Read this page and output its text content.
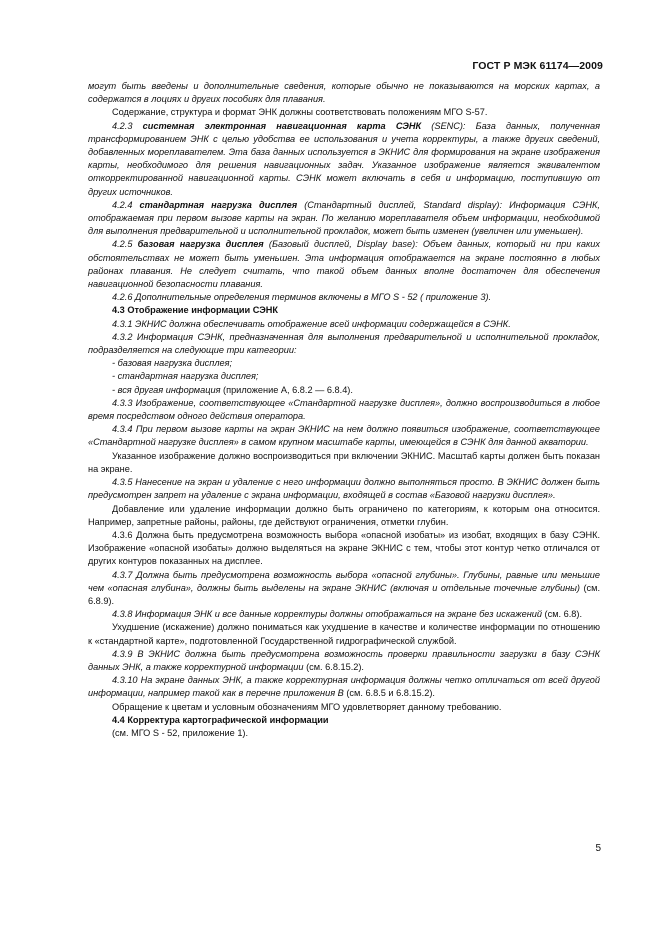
ГОСТ Р МЭК 61174—2009

могут быть введены и дополнительные сведения, которые обычно не показываются на морских картах, а содержатся в лоциях и других пособиях для плавания.

Содержание, структура и формат ЭНК должны соответствовать положениям МГО S-57.

4.2.3 системная электронная навигационная карта СЭНК (SENC): База данных, полученная трансформированием ЭНК с целью удобства ее использования и учета корректуры, а также других сведений, добавленных мореплавателем. Эта база данных используется в ЭКНИС для формирования на экране изображения карты, необходимого для решения навигационных задач. Указанное изображение является эквивалентом откорректированной навигационной карты. СЭНК может включать в себя и информацию, поступившую от других источников.

4.2.4 стандартная нагрузка дисплея (Стандартный дисплей, Standard display): Информация СЭНК, отображаемая при первом вызове карты на экран. По желанию мореплавателя объем информации, необходимой для выполнения предварительной и исполнительной прокладок, может быть изменен (увеличен или уменьшен).

4.2.5 базовая нагрузка дисплея (Базовый дисплей, Display base): Объем данных, который ни при каких обстоятельствах не может быть уменьшен. Эта информация отображается на экране постоянно в любых районах плавания. Не следует считать, что такой объем данных вполне достаточен для обеспечения навигационной безопасности плавания.

4.2.6 Дополнительные определения терминов включены в МГО S - 52 ( приложение 3).

4.3 Отображение информации СЭНК

4.3.1 ЭКНИС должна обеспечивать отображение всей информации содержащейся в СЭНК.

4.3.2 Информация СЭНК, предназначенная для выполнения предварительной и исполнительной прокладок, подразделяется на следующие три категории:

- базовая нагрузка дисплея;

- стандартная нагрузка дисплея;

- вся другая информация (приложение А, 6.8.2 — 6.8.4).

4.3.3 Изображение, соответствующее «Стандартной нагрузке дисплея», должно воспроизводиться в любое время посредством одного действия оператора.

4.3.4 При первом вызове карты на экран ЭКНИС на нем должно появиться изображение, соответствующее «Стандартной нагрузке дисплея» в самом крупном масштабе карты, имеющейся в СЭНК для данной акватории.

Указанное изображение должно воспроизводиться при включении ЭКНИС. Масштаб карты должен быть показан на экране.

4.3.5 Нанесение на экран и удаление с него информации должно выполняться просто. В ЭКНИС должен быть предусмотрен запрет на удаление с экрана информации, входящей в состав «Базовой нагрузки дисплея».

Добавление или удаление информации должно быть ограничено по категориям, к которым она относится. Например, запретные районы, районы, где действуют ограничения, отметки глубин.

4.3.6 Должна быть предусмотрена возможность выбора «опасной изобаты» из изобат, входящих в базу СЭНК. Изображение «опасной изобаты» должно выделяться на экране ЭКНИС с тем, чтобы этот контур четко отличался от других контуров показанных на дисплее.

4.3.7 Должна быть предусмотрена возможность выбора «опасной глубины». Глубины, равные или меньшие чем «опасная глубина», должны быть выделены на экране ЭКНИС (включая и отдельные точечные глубины) (см. 6.8.9).

4.3.8 Информация ЭНК и все данные корректуры должны отображаться на экране без искажений (см. 6.8).

Ухудшение (искажение) должно пониматься как ухудшение в качестве и количестве информации по отношению к «стандартной карте», подготовленной Государственной гидрографической службой.

4.3.9 В ЭКНИС должна быть предусмотрена возможность проверки правильности загрузки в базу СЭНК данных ЭНК, а также корректурной информации (см. 6.8.15.2).

4.3.10 На экране данных ЭНК, а также корректурная информация должны четко отличаться от всей другой информации, например такой как в перечне приложения В (см. 6.8.5 и 6.8.15.2).

Обращение к цветам и условным обозначениям МГО удовлетворяет данному требованию.

4.4 Корректура картографической информации

(см. МГО S - 52, приложение 1).

5
